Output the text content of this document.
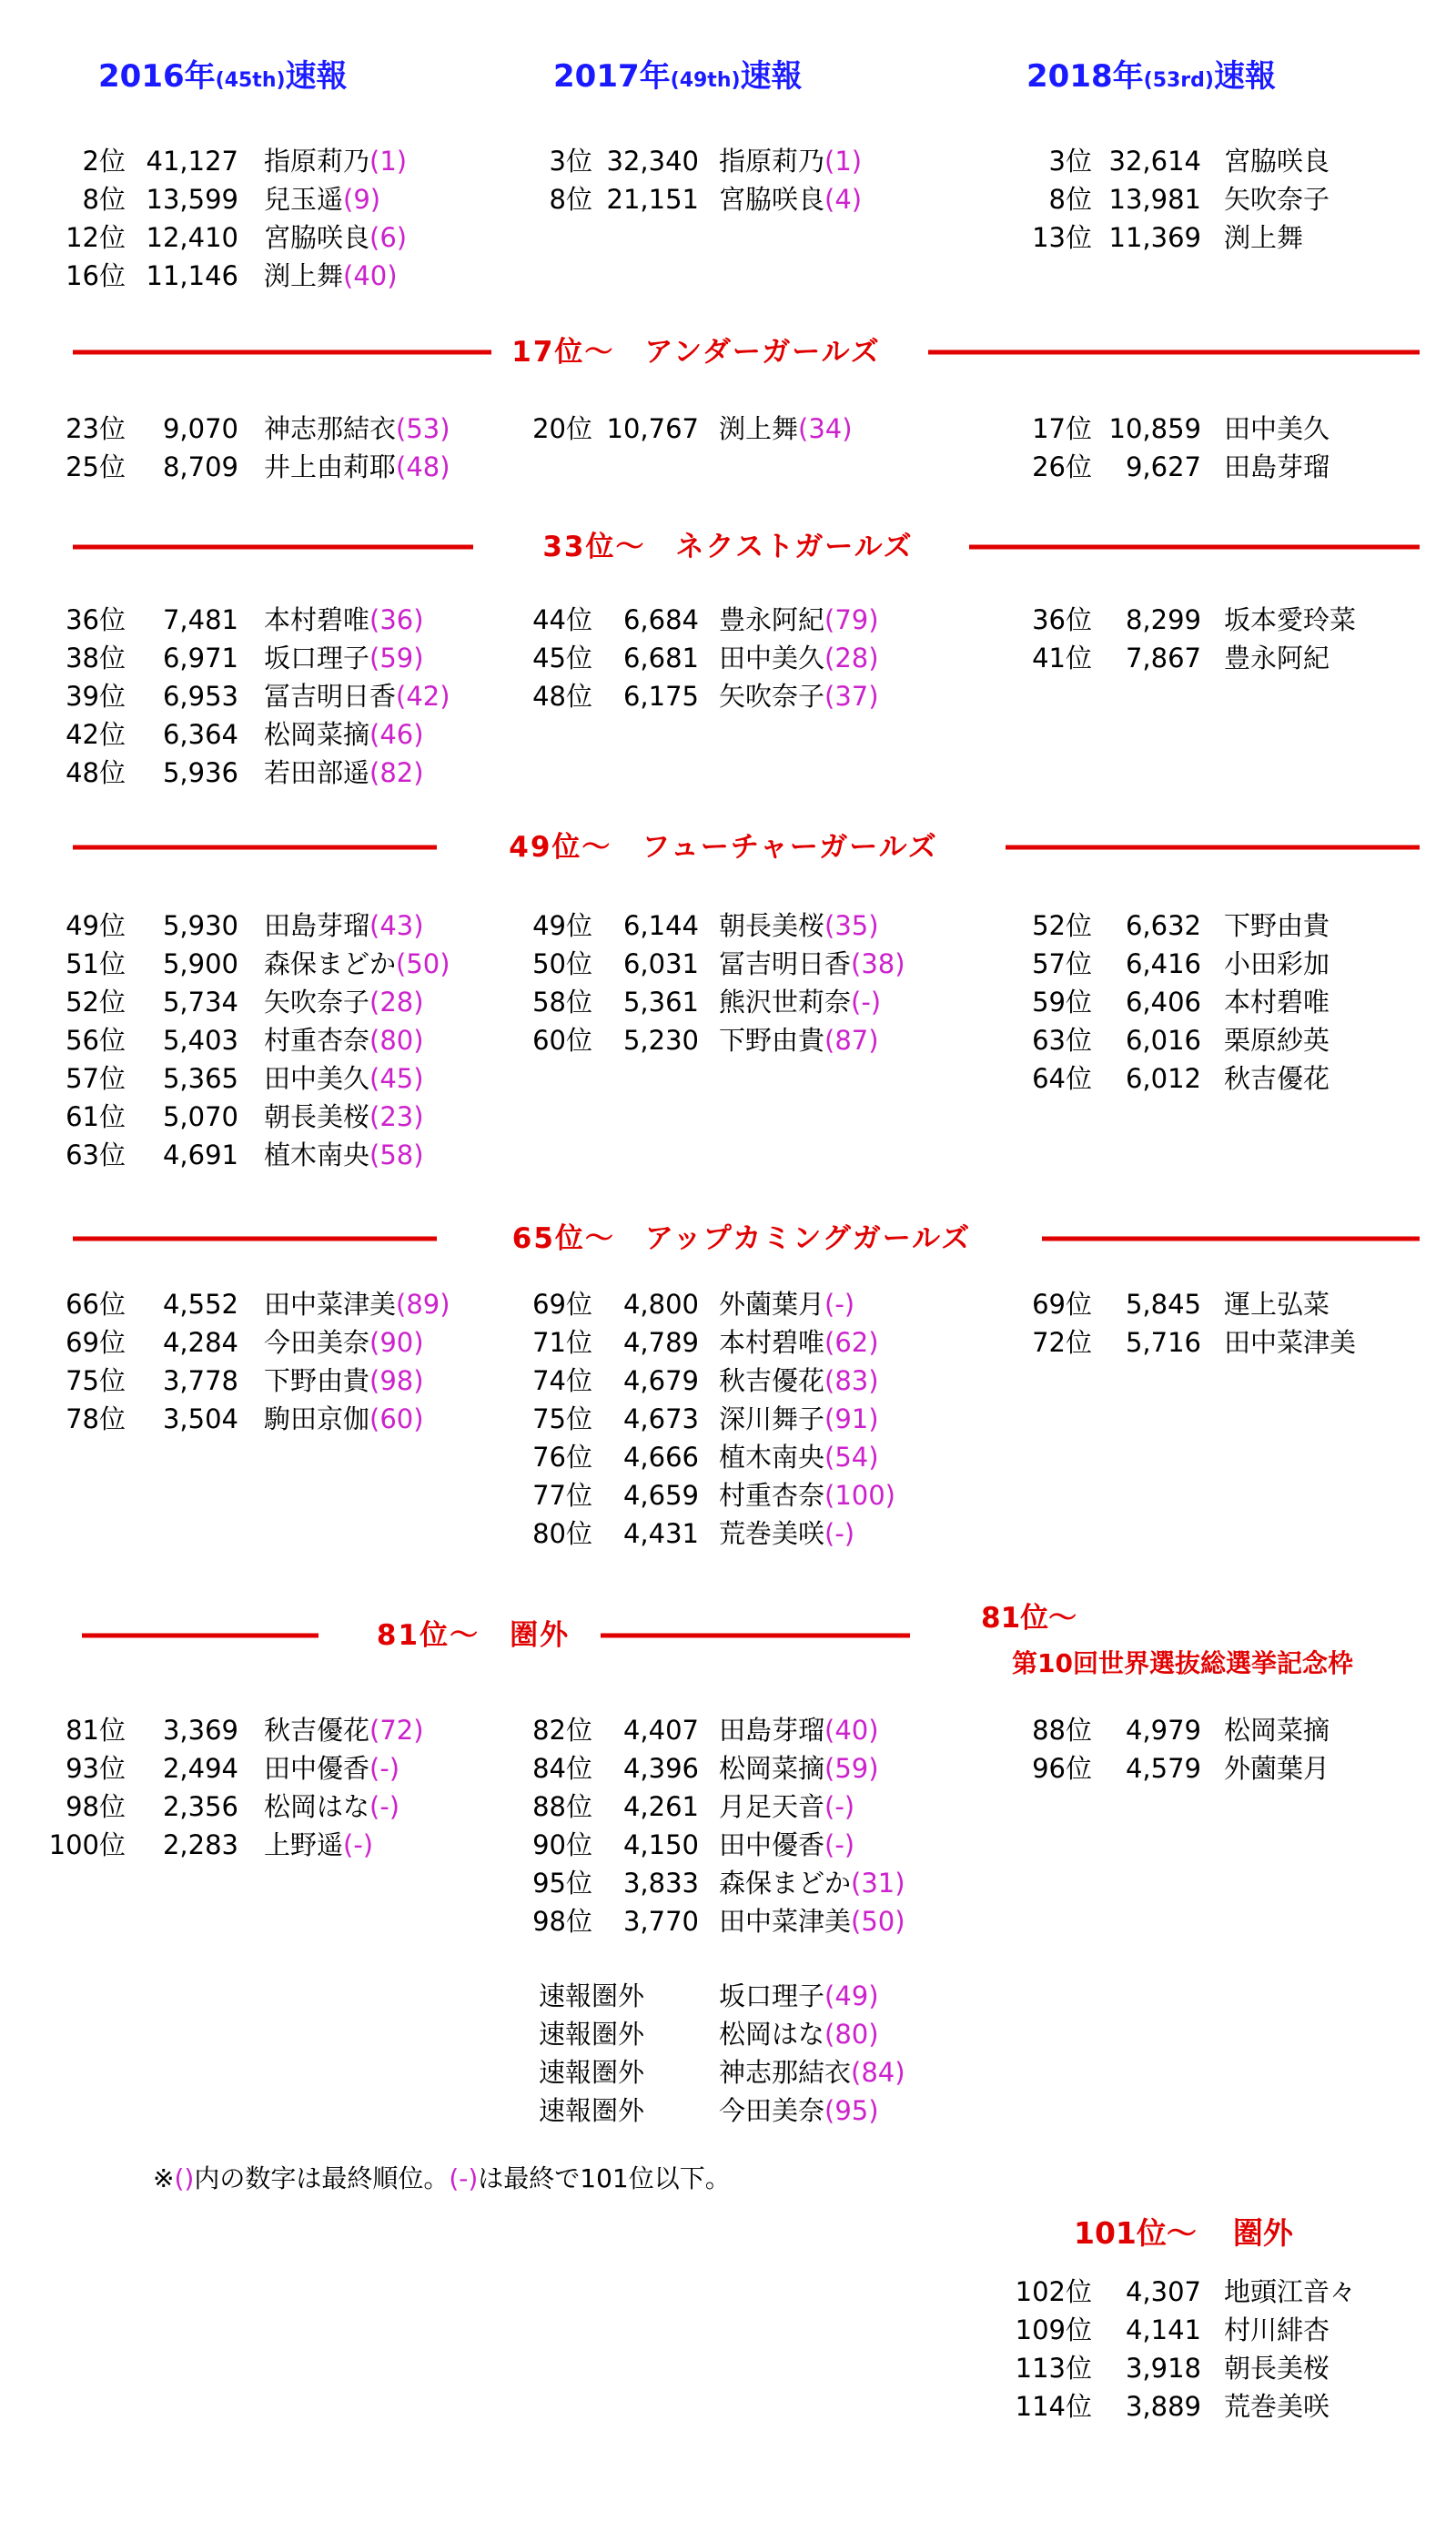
2016年(45th)速報	2017年(49th)速報	2018年(53rd)速報
17位～　 アンダーガールズ
33位～　 ネクストガールズ
49位～　 フューチャーガールズ
65位～　 アップカミングガールズ
81位～　 圏外
81位～
第10回世界選抜総選挙記念枠
※()内の数字は最終順位。(-)は最終で101位以下。
101位～ 圏外
2位 41,127 指原莉乃(1)
8位 13,599 兒玉遥(9)
12位 12,410 宮脇咲良(6)
16位 11,146 渕上舞(40)
23位 9,070 神志那結衣(53)
25位 8,709 井上由莉耶(48)
36位 7,481 本村碧唯(36)
38位 6,971 坂口理子(59)
39位 6,953 冨吉明日香(42)
42位 6,364 松岡菜摘(46)
48位 5,936 若田部遥(82)
49位 5,930 田島芽瑠(43)
51位 5,900 森保まどか(50)
52位 5,734 矢吹奈子(28)
56位 5,403 村重杏奈(80)
57位 5,365 田中美久(45)
61位 5,070 朝長美桜(23)
63位 4,691 植木南央(58)
66位 4,552 田中菜津美(89)
69位 4,284 今田美奈(90)
75位 3,778 下野由貴(98)
78位 3,504 駒田京伽(60)
81位 3,369 秋吉優花(72)
93位 2,494 田中優香(-)
98位 2,356 松岡はな(-)
100位 2,283 上野遥(-)
3位 32,340 指原莉乃(1)
8位 21,151 宮脇咲良(4)
20位 10,767 渕上舞(34)
44位 6,684 豊永阿紀(79)
45位 6,681 田中美久(28)
48位 6,175 矢吹奈子(37)
49位 6,144 朝長美桜(35)
50位 6,031 冨吉明日香(38)
58位 5,361 熊沢世莉奈(-)
60位 5,230 下野由貴(87)
69位 4,800 外薗葉月(-)
71位 4,789 本村碧唯(62)
74位 4,679 秋吉優花(83)
75位 4,673 深川舞子(91)
76位 4,666 植木南央(54)
77位 4,659 村重杏奈(100)
80位 4,431 荒巻美咲(-)
82位 4,407 田島芽瑠(40)
84位 4,396 松岡菜摘(59)
88位 4,261 月足天音(-)
90位 4,150 田中優香(-)
95位 3,833 森保まどか(31)
98位 3,770 田中菜津美(50)
3位 32,614 宮脇咲良
8位 13,981 矢吹奈子
13位 11,369 渕上舞
17位 10,859 田中美久
26位 9,627 田島芽瑠
36位 8,299 坂本愛玲菜
41位 7,867 豊永阿紀
52位 6,632 下野由貴
57位 6,416 小田彩加
59位 6,406 本村碧唯
63位 6,016 栗原紗英
64位 6,012 秋吉優花
69位 5,845 運上弘菜
72位 5,716 田中菜津美
88位 4,979 松岡菜摘
96位 4,579 外薗葉月
102位 4,307 地頭江音々
109位 4,141 村川緋杏
113位 3,918 朝長美桜
114位 3,889 荒巻美咲
速報圏外	坂口理子(49)
速報圏外	松岡はな(80)
速報圏外	神志那結衣(84)
速報圏外	今田美奈(95)
